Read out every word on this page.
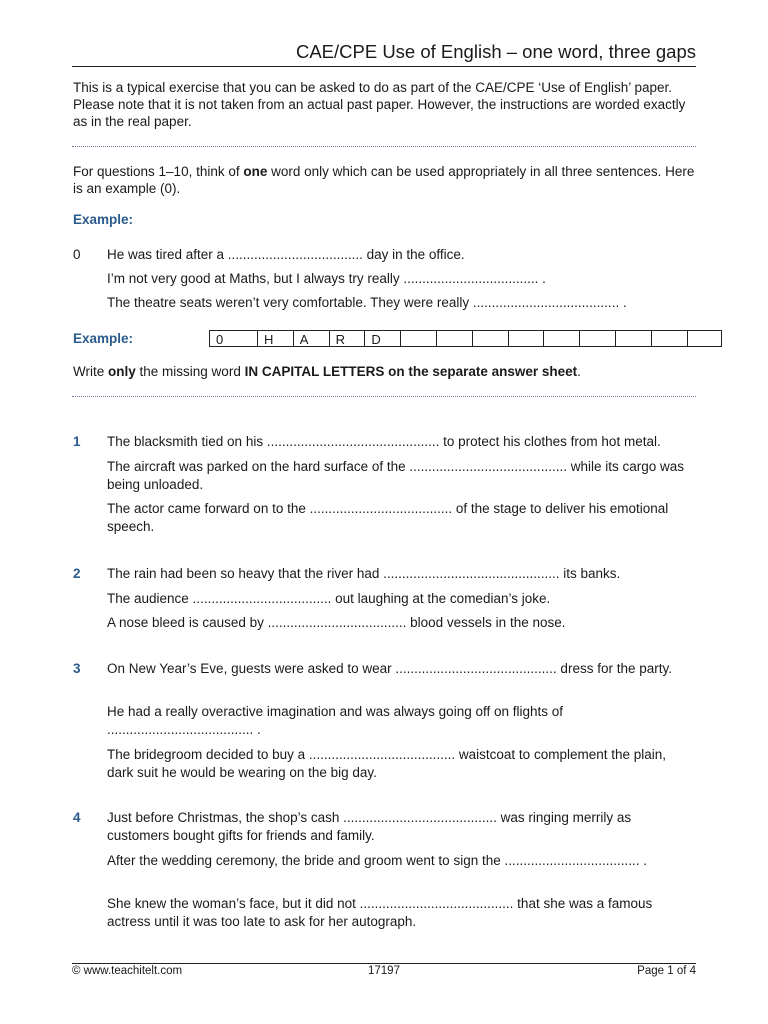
CAE/CPE Use of English – one word, three gaps
This is a typical exercise that you can be asked to do as part of the CAE/CPE ‘Use of English’ paper. Please note that it is not taken from an actual past paper. However, the instructions are worded exactly as in the real paper.
For questions 1–10, think of one word only which can be used appropriately in all three sentences. Here is an example (0).
Example:
0 He was tired after a .................................... day in the office.
I’m not very good at Maths, but I always try really .................................... .
The theatre seats weren’t very comfortable. They were really ....................................... .
Example:	0	H	A	R	D
Write only the missing word IN CAPITAL LETTERS on the separate answer sheet.
1 The blacksmith tied on his .............................................. to protect his clothes from hot metal.
The aircraft was parked on the hard surface of the .......................................... while its cargo was being unloaded.
The actor came forward on to the ...................................... of the stage to deliver his emotional speech.
2 The rain had been so heavy that the river had ............................................... its banks.
The audience ..................................... out laughing at the comedian’s joke.
A nose bleed is caused by ..................................... blood vessels in the nose.
3 On New Year’s Eve, guests were asked to wear ........................................... dress for the party.
He had a really overactive imagination and was always going off on flights of ....................................... .
The bridegroom decided to buy a ....................................... waistcoat to complement the plain, dark suit he would be wearing on the big day.
4 Just before Christmas, the shop’s cash ......................................... was ringing merrily as customers bought gifts for friends and family.
After the wedding ceremony, the bride and groom went to sign the .................................... .
She knew the woman’s face, but it did not ......................................... that she was a famous actress until it was too late to ask for her autograph.
© www.teachitelt.com	17197	Page 1 of 4
